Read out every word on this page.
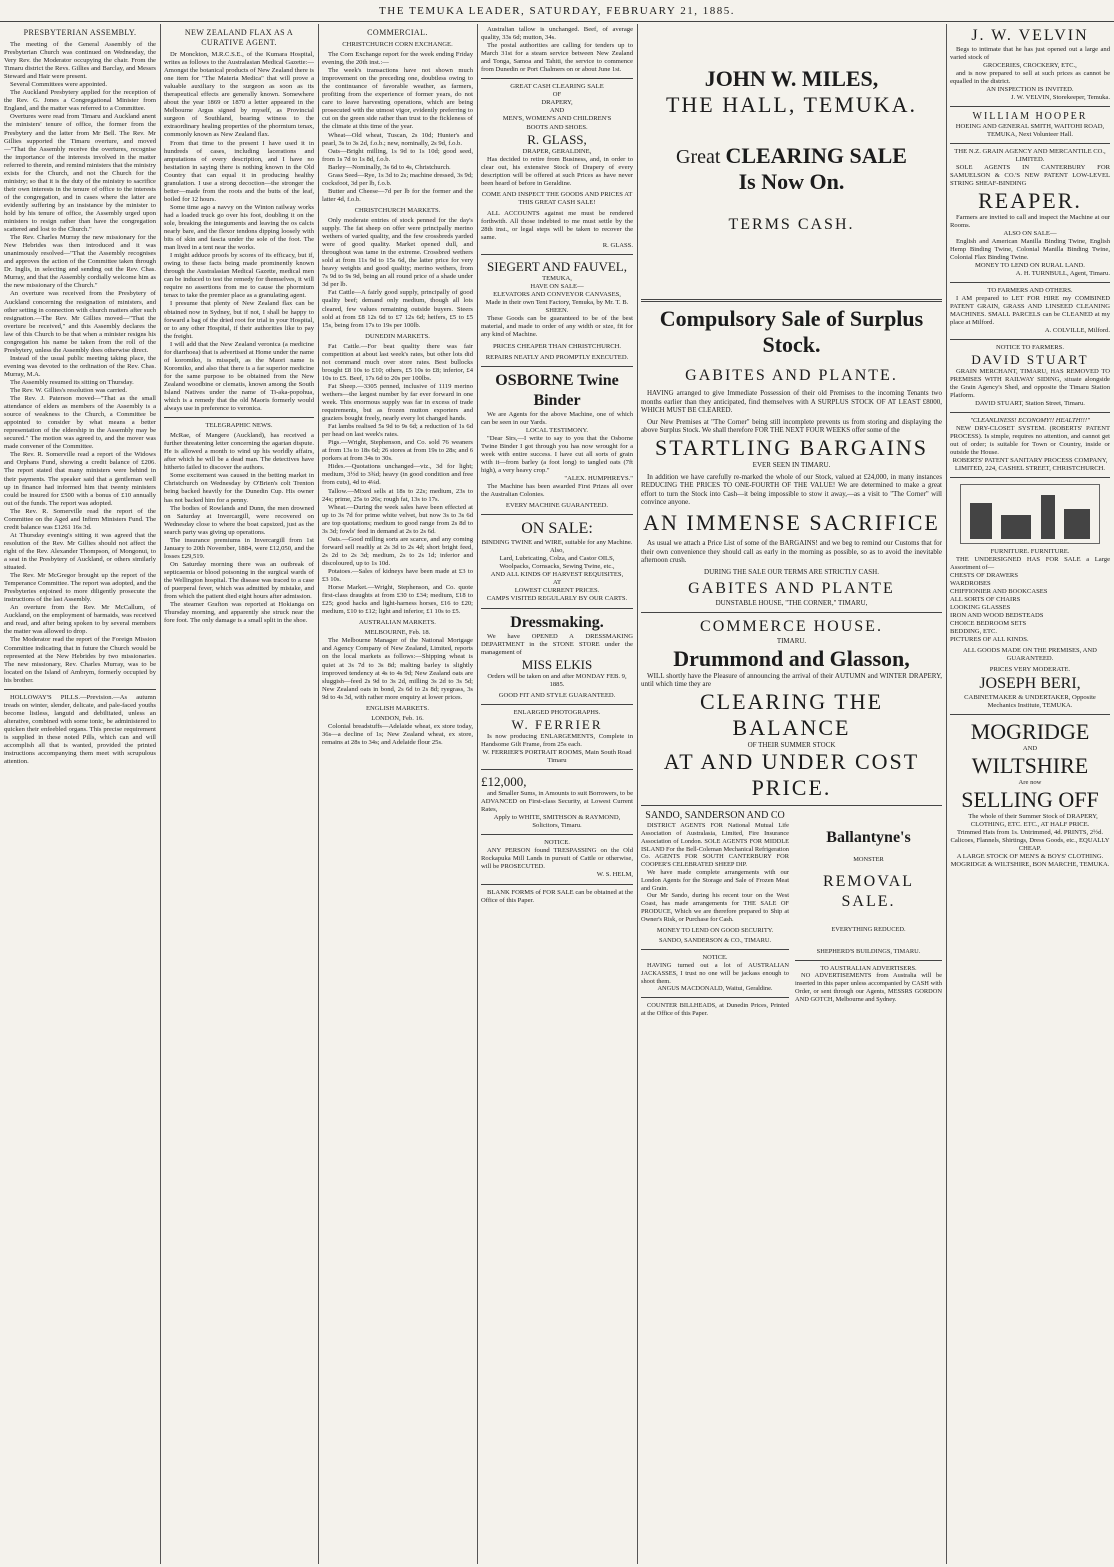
THE TEMUKA LEADER, SATURDAY, FEBRUARY 21, 1885.
PRESBYTERIAN ASSEMBLY.

The meeting of the General Assembly of the Presbyterian Church was continued on Wednesday, the Very Rev. the Moderator occupying the chair. From the Timaru district the Revs. Gillies and Barclay, and Messrs Steward and Hair were present.

Several Committees were appointed.

The Auckland Presbytery applied for the reception of the Rev. G. Jones a Congregational Minister from England, and the matter was referred to a Committee.

Overtures were read from Timaru and Auckland anent the ministers' tenure of office, the former from the Presbytery and the latter from Mr Bell. The Rev. Mr Gillies supported the Timaru overture, and moved—"That the Assembly receive the overtures, recognise the importance of the interests involved in the matter referred to therein, and remind ministers that the ministry exists for the Church, and not the Church for the ministry; so that it is the duty of the ministry to sacrifice their own interests in the tenure of office to the interests of the congregation, and in cases where the latter are evidently suffering by an insistance by the minister to hold by his tenure of office, the Assembly urged upon ministers to resign rather than have the congregation scattered and lost to the Church."

The Rev. Charles Murray the new missionary for the New Hebrides was then introduced and it was unanimously resolved—"That the Assembly recognises and approves the action of the Committee taken through Dr. Inglis, in selecting and sending out the Rev. Chas. Murray, and that the Assembly cordially welcome him as the new missionary of the Church."

An overture was received from the Presbytery of Auckland concerning the resignation of ministers, and other setting in connection with church matters after such resignation.—The Rev. Mr Gillies moved—"That the overture be received," and this Assembly declares the law of this Church to be that when a minister resigns his congregation his name be taken from the roll of the Presbytery, unless the Assembly does otherwise direct.

Instead of the usual public meeting taking place, the evening was devoted to the ordination of the Rev. Chas. Murray, M.A.

The Assembly resumed its sitting on Thursday.

The Rev. W. Gillies's resolution was carried.

The Rev. J. Paterson moved—"That as the small attendance of elders as members of the Assembly is a source of weakness to the Church, a Committee be appointed to consider by what means a better representation of the eldership in the Assembly may be secured." The motion was agreed to, and the mover was made convener of the Committee.

The Rev. R. Somerville read a report of the Widows and Orphans Fund, showing a credit balance of £206. The report stated that many ministers were behind in their payments. The speaker said that a gentleman well up in finance had informed him that twenty ministers could be insured for £500 with a bonus of £10 annually out of the funds. The report was adopted.

The Rev. R. Somerville read the report of the Committee on the Aged and Infirm Ministers Fund. The credit balance was £1261 16s 3d.

At Thursday evening's sitting it was agreed that the resolution of the Rev. Mr Gillies should not affect the right of the Rev. Alexander Thompson, of Mongonui, to a seat in the Presbytery of Auckland, or others similarly situated.

The Rev. Mr McGregor brought up the report of the Temperance Committee. The report was adopted, and the Presbyteries enjoined to more diligently prosecute the instructions of the last Assembly.

An overture from the Rev. Mr McCallum, of Auckland, on the employment of barmaids, was received and read, and after being spoken to by several members the matter was allowed to drop.

The Moderator read the report of the Foreign Mission Committee indicating that in future the Church would be represented at the New Hebrides by two missionaries. The new missionary, Rev. Charles Murray, was to be located on the Island of Ambrym, formerly occupied by his brother.

HOLLOWAY'S PILLS.—Prevision.—As autumn treads on winter, slender, delicate, and pale-faced youths become listless, languid and debilitated, unless an alterative, combined with some tonic, be administered to quicken their enfeebled organs. This precise requirement is supplied in these noted Pills, which can and will accomplish all that is wanted, provided the printed instructions accompanying them meet with scrupulous attention.

NEW ZEALAND FLAX AS A CURATIVE AGENT.

Dr Monckton, M.R.C.S.E., of the Kumara Hospital, writes as follows to the Australasian Medical Gazette:—Amongst the botanical products of New Zealand there is one item for "The Materia Medica" that will prove a valuable auxiliary to the surgeon as soon as its therapeutical effects are generally known. Somewhere about the year 1869 or 1870 a letter appeared in the Melbourne Argus signed by myself, as Provincial surgeon of Southland, bearing witness to the extraordinary healing properties of the phormium tenax, commonly known as New Zealand flax.

From that time to the present I have used it in hundreds of cases, including lacerations and amputations of every description, and I have no hesitation in saying there is nothing known in the Old Country that can equal it in producing healthy granulation. I use a strong decoction—the stronger the better—made from the roots and the butts of the leaf, boiled for 12 hours.

Some time ago a navvy on the Winton railway works had a loaded truck go over his foot, doubling it on the sole, breaking the integuments and leaving the os calcis nearly bare, and the flexor tendons dipping loosely with bits of skin and fascia under the sole of the foot. The man lived in a tent near the works.

I might adduce proofs by scores of its efficacy, but if, owing to these facts being made prominently known through the Australasian Medical Gazette, medical men can be induced to test the remedy for themselves, it will require no assertions from me to cause the phormium tenax to take the premier place as a granulating agent.

I presume that plenty of New Zealand flax can be obtained now in Sydney, but if not, I shall be happy to forward a bag of the dried root for trial in your Hospital, or to any other Hospital, if their authorities like to pay the freight.

I will add that the New Zealand veronica (a medicine for diarrhoea) that is advertised at Home under the name of koromiko, is misspelt, as the Maori name is Koromiko, and also that there is a far superior medicine for the same purpose to be obtained from the New Zealand woodbine or clematis, known among the South Island Natives under the name of Ti-aka-popohua, which is a remedy that the old Maoris formerly would always use in preference to veronica.

TELEGRAPHIC NEWS.

McRae, of Mangere (Auckland), has received a further threatening letter concerning the agarian dispute. He is allowed a month to wind up his worldly affairs, after which he will be a dead man. The detectives have hitherto failed to discover the authors.

Some excitement was caused in the betting market in Christchurch on Wednesday by O'Brien's colt Trenton being backed heavily for the Dunedin Cup. His owner has not backed him for a penny.

The bodies of Rowlands and Dunn, the men drowned on Saturday at Invercargill, were recovered on Wednesday close to where the boat capsized, just as the search party was giving up operations.

The insurance premiums in Invercargill from 1st January to 20th November, 1884, were £12,050, and the losses £29,519.

On Saturday morning there was an outbreak of septicaemia or blood poisoning in the surgical wards of the Wellington hospital. The disease was traced to a case of puerperal fever, which was admitted by mistake, and from which the patient died eight hours after admission.

The steamer Grafton was reported at Hokianga on Thursday morning, and apparently she struck near the fore foot. The only damage is a small split in the shoe.

COMMERCIAL.
CHRISTCHURCH CORN EXCHANGE.

The Corn Exchange report for the week ending Friday evening, the 20th inst.:—

The week's transactions have not shown much improvement on the preceding one, doubtless owing to the continuance of favorable weather, as farmers, profiting from the experience of former years, do not care to leave harvesting operations, which are being prosecuted with the utmost vigor, evidently preferring to cut on the green side rather than trust to the fickleness of the climate at this time of the year.

Wheat—Old wheat, Tuscan, 2s 10d; Hunter's and pearl, 3s to 3s 2d, f.o.b.; new, nominally, 2s 9d, f.o.b.

Oats—Bright milling, 1s 9d to 1s 10d; good seed, from 1s 7d to 1s 8d, f.o.b.

Barley—Nominally, 3s 6d to 4s, Christchurch.

Grass Seed—Rye, 1s 3d to 2s; machine dressed, 3s 9d; cocksfoot, 3d per lb, f.o.b.

Butter and Cheese—7d per lb for the former and the latter 4d, f.o.b.

CHRISTCHURCH MARKETS.

Only moderate entries of stock penned for the day's supply. The fat sheep on offer were principally merino wethers of varied quality, and the few crossbreds yarded were of good quality. Market opened dull, and throughout was tame in the extreme. Crossbred wethers sold at from 11s 9d to 15s 6d, the latter price for very heavy weights and good quality; merino wethers, from 7s 9d to 9s 9d, being an all round price of a shade under 3d per lb.

Fat Cattle—A fairly good supply, principally of good quality beef; demand only medium, though all lots cleared, few values remaining outside buyers. Steers sold at from £8 12s 6d to £7 12s 6d; heifers, £5 to £5 15s, being from 17s to 19s per 100lb.

DUNEDIN MARKETS.

Fat Cattle.—For beat quality there was fair competition at about last week's rates, but other lots did not command much over store rates. Best bullocks brought £8 10s to £10; others, £5 10s to £8; inferior, £4 10s to £5. Beef, 17s 6d to 20s per 100lbs.

Fat Sheep.—3305 penned, inclusive of 1119 merino wethers—the largest number by far ever forward in one week. This enormous supply was far in excess of trade requirements, but as frozen mutton exporters and graziers bought freely, nearly every lot changed hands.

Fat lambs realised 5s 9d to 9s 6d; a reduction of 1s 6d per head on last week's rates.

Pigs.—Wright, Stephenson, and Co. sold 76 weaners at from 13s to 18s 6d; 26 stores at from 19s to 28s; and 6 porkers at from 34s to 30s.

Hides.—Quotations unchanged—viz., 3d for light; medium, 3½d to 3¾d; heavy (in good condition and free from cuts), 4d to 4¼d.

Tallow.—Mixed sells at 18s to 22s; medium, 23s to 24s; prime, 25s to 26s; rough fat, 13s to 17s.

Wheat.—During the week sales have been effected at up to 3s 7d for prime white velvet, but now 3s to 3s 6d are top quotations; medium to good range from 2s 8d to 3s 3d; fowls' feed in demand at 2s to 2s 6d.

Oats.—Good milling sorts are scarce, and any coming forward sell readily at 2s 3d to 2s 4d; short bright feed, 2s 2d to 2s 3d; medium, 2s to 2s 1d; inferior and discoloured, up to 1s 10d.

Potatoes.—Sales of kidneys have been made at £3 to £3 10s.

Horse Market.—Wright, Stephenson, and Co. quote first-class draughts at from £30 to £34; medium, £18 to £25; good hacks and light-harness horses, £16 to £20; medium, £10 to £12; light and inferior, £1 10s to £5.

AUSTRALIAN MARKETS.
MELBOURNE, Feb. 18.

The Melbourne Manager of the National Mortgage and Agency Company of New Zealand, Limited, reports on the local markets as follows:—Shipping wheat is quiet at 3s 7d to 3s 8d; malting barley is slightly improved tendency at 4s to 4s 9d; New Zealand oats are sluggish—feed 2s 9d to 3s 2d, milling 3s 2d to 3s 5d; New Zealand oats in bond, 2s 6d to 2s 8d; ryegrass, 3s 9d to 4s 3d, with rather more enquiry at lower prices.

ENGLISH MARKETS.
LONDON, Feb. 16.

Colonial breadstuffs—Adelaide wheat, ex store today, 36s—a decline of 1s; New Zealand wheat, ex store, remains at 28s to 34s; and Adelaide flour 25s.

Australian tallow is unchanged. Beef, of average quality, 33s 6d; mutton, 34s.

The postal authorities are calling for tenders up to March 31st for a steam service between New Zealand and Tonga, Samoa and Tahiti, the service to commence from Dunedin or Port Chalmers on or about June 1st.

GREAT CASH CLEARING SALE
OF
DRAPERY,
AND
MEN'S, WOMEN'S AND CHILDREN'S
BOOTS AND SHOES.
R. GLASS,
DRAPER, GERALDINE,

Has decided to retire from Business, and, in order to clear out, his extensive Stock of Drapery of every description will be offered at such Prices as have never been heard of before in Geraldine.

COME AND INSPECT THE GOODS AND PRICES AT THIS GREAT CASH SALE!

ALL ACCOUNTS against me must be rendered forthwith. All those indebted to me must settle by the 28th inst., or legal steps will be taken to recover the same.

R. GLASS.
SIEGERT AND FAUVEL,
TEMUKA,
HAVE ON SALE—
ELEVATORS AND CONVEYOR CANVASES,
Made in their own Tent Factory, Temuka, by Mr. T. B. SHEEN.

These Goods can be guaranteed to be of the best material, and made to order of any width or size, fit for any kind of Machine.

PRICES CHEAPER THAN CHRISTCHURCH.
REPAIRS NEATLY AND PROMPTLY EXECUTED.
OSBORNE Twine Binder

We are Agents for the above Machine, one of which can be seen in our Yards.

LOCAL TESTIMONY.

"Dear Sirs,—I write to say to you that the Osborne Twine Binder I got through you has now wrought for a week with entire success. I have cut all sorts of grain with it—from barley (a foot long) to tangled oats (7ft high), a very heavy crop."

"ALEX. HUMPHREYS."

The Machine has been awarded First Prizes all over the Australian Colonies.

EVERY MACHINE GUARANTEED.
ON SALE:
BINDING TWINE and WIRE, suitable for any Machine.
Also,
Lard, Lubricating, Colza, and Castor OILS,
Woolpacks, Cornsacks, Sewing Twine, etc.,
AND ALL KINDS OF HARVEST REQUISITES,
AT
LOWEST CURRENT PRICES.
CAMPS VISITED REGULARLY BY OUR CARTS.
Dressmaking.

We have OPENED A DRESSMAKING DEPARTMENT in the STONE STORE under the management of

MISS ELKIS
Orders will be taken on and after MONDAY FEB. 9, 1885.
GOOD FIT AND STYLE GUARANTEED.
ENLARGED PHOTOGRAPHS.
W. FERRIER

Is now producing ENLARGEMENTS, Complete in Handsome Gilt Frame, from 25s each.

W. FERRIER'S PORTRAIT ROOMS, Main South Road Timaru
£12,000,

and Smaller Sums, in Amounts to suit Borrowers, to be ADVANCED on First-class Security, at Lowest Current Rates,

Apply to WHITE, SMITHSON & RAYMOND, Solicitors, Timaru.
NOTICE.

ANY PERSON found TRESPASSING on the Old Rockapuka Mill Lands in pursuit of Cattle or otherwise, will be PROSECUTED.

W. S. HELM,

BLANK FORMS of FOR SALE can be obtained at the Office of this Paper.

JOHN W. MILES,
THE HALL, TEMUKA.
Great CLEARING SALE
Is Now On.
TERMS CASH.
Compulsory Sale of Surplus Stock.
GABITES AND PLANTE.

HAVING arranged to give Immediate Possession of their old Premises to the incoming Tenants two months earlier than they anticipated, find themselves with A SURPLUS STOCK OF AT LEAST £8000, WHICH MUST BE CLEARED.

Our New Premises at "The Corner" being still incomplete prevents us from storing and displaying the above Surplus Stock. We shall therefore FOR THE NEXT FOUR WEEKS offer some of the

STARTLING BARGAINS
EVER SEEN IN TIMARU.

In addition we have carefully re-marked the whole of our Stock, valued at £24,000, in many instances REDUCING THE PRICES TO ONE-FOURTH OF THE VALUE! We are determined to make a great effort to turn the Stock into Cash—it being impossible to stow it away,—as a visit to "The Corner" will convince anyone.

AN IMMENSE SACRIFICE

As usual we attach a Price List of some of the BARGAINS! and we beg to remind our Customs that for their own convenience they should call as early in the morning as possible, so as to avoid the inevitable afternoon crush.

DURING THE SALE OUR TERMS ARE STRICTLY CASH.
GABITES AND PLANTE
DUNSTABLE HOUSE, "THE CORNER," TIMARU,
COMMERCE HOUSE.
TIMARU.
Drummond and Glasson,

WILL shortly have the Pleasure of announcing the arrival of their AUTUMN and WINTER DRAPERY, until which time they are

CLEARING THE BALANCE
OF THEIR SUMMER STOCK
AT AND UNDER COST PRICE.
SANDO, SANDERSON AND CO

DISTRICT AGENTS FOR National Mutual Life Association of Australasia, Limited, Fire Insurance Association of London. SOLE AGENTS FOR MIDDLE ISLAND For the Bell-Coleman Mechanical Refrigeration Co. AGENTS FOR SOUTH CANTERBURY FOR COOPER'S CELEBRATED SHEEP DIP.

We have made complete arrangements with our London Agents for the Storage and Sale of Frozen Meat and Grain.

Our Mr Sando, during his recent tour on the West Coast, has made arrangements for THE SALE OF PRODUCE, Which we are therefore prepared to Ship at Owner's Risk, or Purchase for Cash.

MONEY TO LEND ON GOOD SECURITY.
SANDO, SANDERSON & CO., TIMARU.
NOTICE.

HAVING turned out a lot of AUSTRALIAN JACKASSES, I trust no one will be jackass enough to shoot them.

ANGUS MACDONALD, Waitui, Geraldine.

COUNTER BILLHEADS, at Dunedin Prices, Printed at the Office of this Paper.

Ballantyne's
MONSTER
REMOVAL SALE.
EVERYTHING REDUCED.
SHEPHERD'S BUILDINGS, TIMARU.
TO AUSTRALIAN ADVERTISERS.

NO ADVERTISEMENTS from Australia will be inserted in this paper unless accompanied by CASH with Order, or sent through our Agents, MESSRS GORDON AND GOTCH, Melbourne and Sydney.

J. W. VELVIN

Begs to intimate that he has just opened out a large and varied stock of

GROCERIES, CROCKERY, ETC.,

and is now prepared to sell at such prices as cannot be equalled in the district.

AN INSPECTION IS INVITED.
J. W. VELVIN, Storekeeper, Temuka.
WILLIAM HOOPER
HOEING AND GENERAL SMITH, WAITOHI ROAD, TEMUKA, Next Volunteer Hall.
THE N.Z. GRAIN AGENCY AND MERCANTILE CO., LIMITED.

SOLE AGENTS IN CANTERBURY FOR SAMUELSON & CO.'S NEW PATENT LOW-LEVEL STRING SHEAF-BINDING

REAPER.

Farmers are invited to call and inspect the Machine at our Rooms.

ALSO ON SALE—

English and American Manilla Binding Twine, English Hemp Binding Twine, Colonial Manilla Binding Twine, Colonial Flax Binding Twine.

MONEY TO LEND ON RURAL LAND.
A. H. TURNBULL, Agent, Timaru.
TO FARMERS AND OTHERS.

I AM prepared to LET FOR HIRE my COMBINED PATENT GRAIN, GRASS AND LINSEED CLEANING MACHINES. SMALL PARCELS can be CLEANED at my place at Milford.

A. COLVILLE, Milford.
NOTICE TO FARMERS.
DAVID STUART

GRAIN MERCHANT, TIMARU, HAS REMOVED TO PREMISES WITH RAILWAY SIDING, situate alongside the Grain Agency's Shed, and opposite the Timaru Station Platform.

DAVID STUART, Station Street, Timaru.
"CLEANLINESS! ECONOMY!! HEALTH!!!"

NEW DRY-CLOSET SYSTEM. (ROBERTS' PATENT PROCESS). Is simple, requires no attention, and cannot get out of order; is suitable for Town or Country, inside or outside the House.

ROBERTS' PATENT SANITARY PROCESS COMPANY, LIMITED, 224, CASHEL STREET, CHRISTCHURCH.
FURNITURE. FURNITURE.

THE UNDERSIGNED HAS FOR SALE a Large Assortment of—

CHESTS OF DRAWERS
WARDROBES
CHIFFIONIER AND BOOKCASES
ALL SORTS OF CHAIRS
LOOKING GLASSES
IRON AND WOOD BEDSTEADS
CHOICE BEDROOM SETS
BEDDING, ETC.
PICTURES OF ALL KINDS.
ALL GOODS MADE ON THE PREMISES, AND GUARANTEED.
PRICES VERY MODERATE.
JOSEPH BERI,
CABINETMAKER & UNDERTAKER, Opposite Mechanics Institute, TEMUKA.
MOGRIDGE
AND
WILTSHIRE
Are now
SELLING OFF

The whole of their Summer Stock of DRAPERY, CLOTHING, ETC. ETC., AT HALF PRICE.

Trimmed Hats from 1s. Untrimmed, 4d. PRINTS, 2½d.
Calicoes, Flannels, Shirtings, Dress Goods, etc., EQUALLY CHEAP.
A LARGE STOCK OF MEN'S & BOYS' CLOTHING.
MOGRIDGE & WILTSHIRE, BON MARCHE, TEMUKA.
